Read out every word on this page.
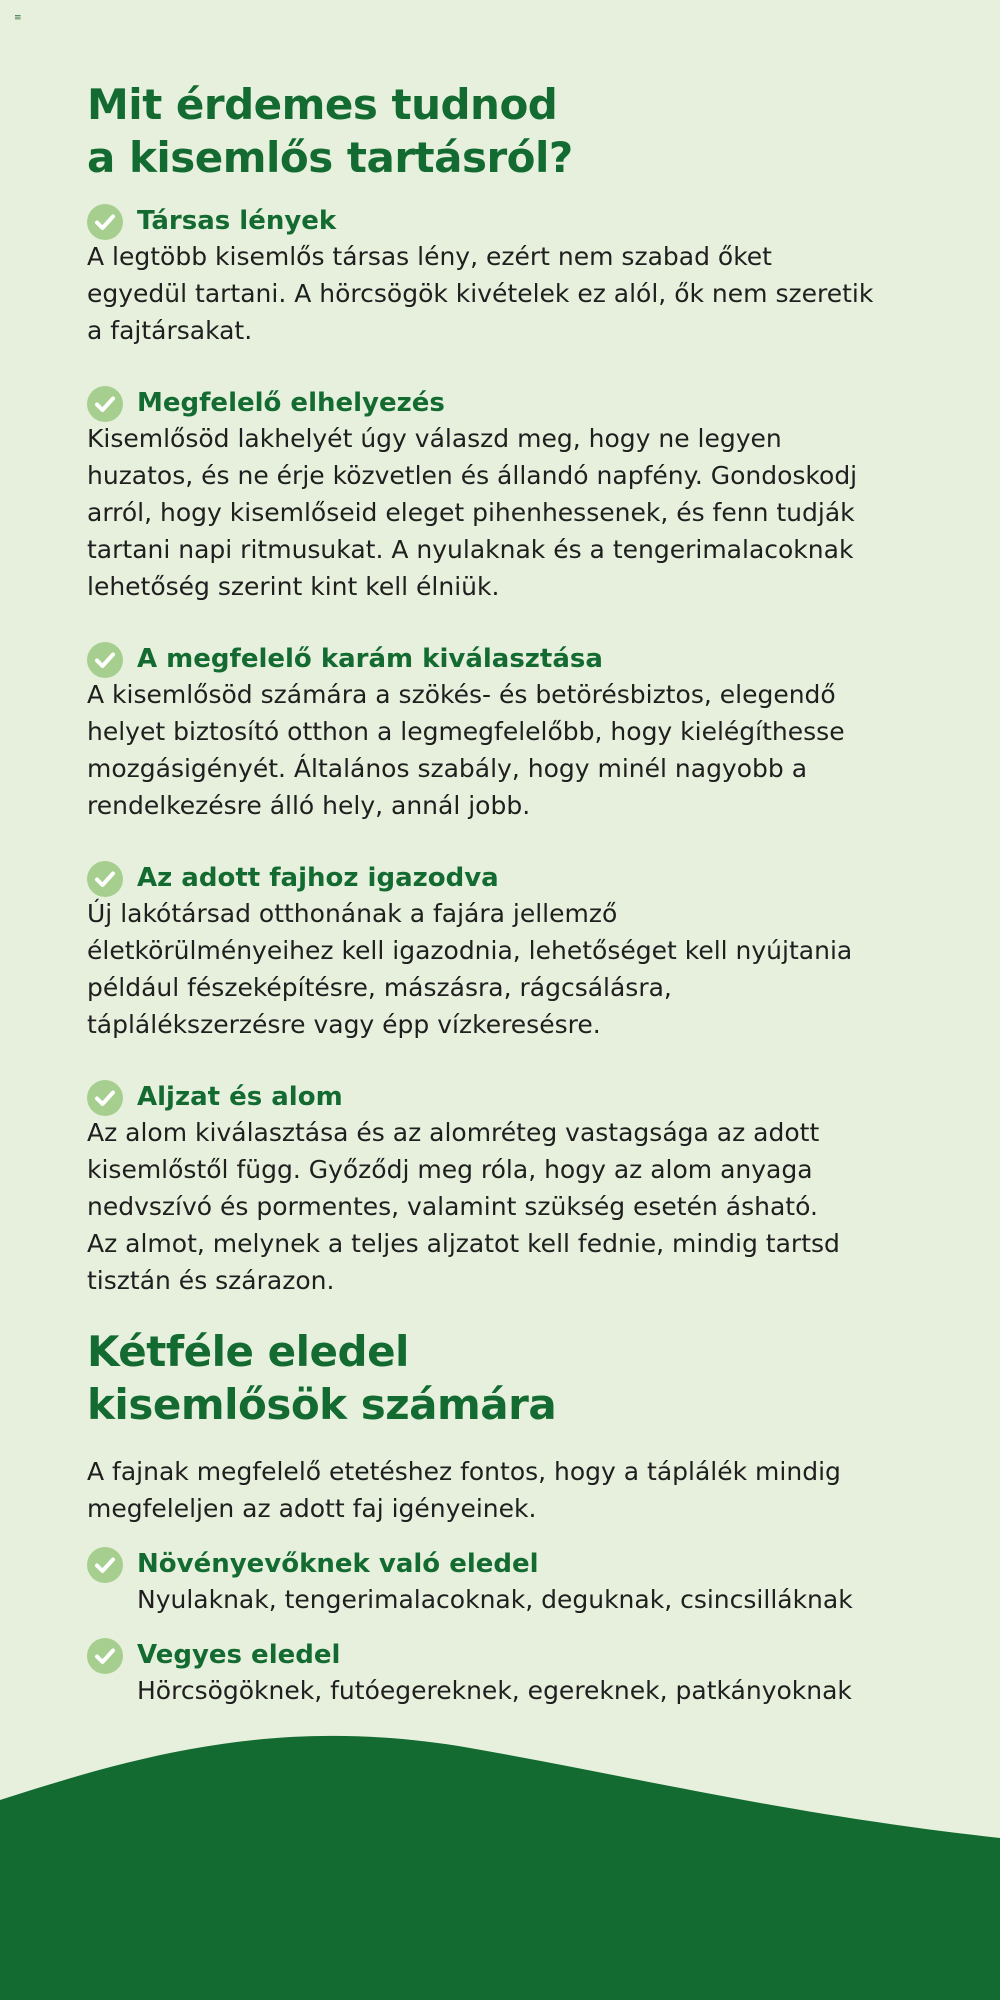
≡
Mit érdemes tudnod
a kisemlős tartásról?
Társas lények

A legtöbb kisemlős társas lény, ezért nem szabad őket
egyedül tartani. A hörcsögök kivételek ez alól, ők nem szeretik
a fajtársakat.

Megfelelő elhelyezés

Kisemlősöd lakhelyét úgy válaszd meg, hogy ne legyen
huzatos, és ne érje közvetlen és állandó napfény. Gondoskodj
arról, hogy kisemlőseid eleget pihenhessenek, és fenn tudják
tartani napi ritmusukat. A nyulaknak és a tengerimalacoknak
lehetőség szerint kint kell élniük.

A megfelelő karám kiválasztása

A kisemlősöd számára a szökés- és betörésbiztos, elegendő
helyet biztosító otthon a legmegfelelőbb, hogy kielégíthesse
mozgásigényét. Általános szabály, hogy minél nagyobb a
rendelkezésre álló hely, annál jobb.

Az adott fajhoz igazodva

Új lakótársad otthonának a fajára jellemző
életkörülményeihez kell igazodnia, lehetőséget kell nyújtania
például fészeképítésre, mászásra, rágcsálásra,
táplálékszerzésre vagy épp vízkeresésre.

Aljzat és alom

Az alom kiválasztása és az alomréteg vastagsága az adott
kisemlőstől függ. Győződj meg róla, hogy az alom anyaga
nedvszívó és pormentes, valamint szükség esetén ásható.
Az almot, melynek a teljes aljzatot kell fednie, mindig tartsd
tisztán és szárazon.

Kétféle eledel
kisemlősök számára

A fajnak megfelelő etetéshez fontos, hogy a táplálék mindig
megfeleljen az adott faj igényeinek.

Növényevőknek való eledel

Nyulaknak, tengerimalacoknak, deguknak, csincsilláknak

Vegyes eledel

Hörcsögöknek, futóegereknek, egereknek, patkányoknak
